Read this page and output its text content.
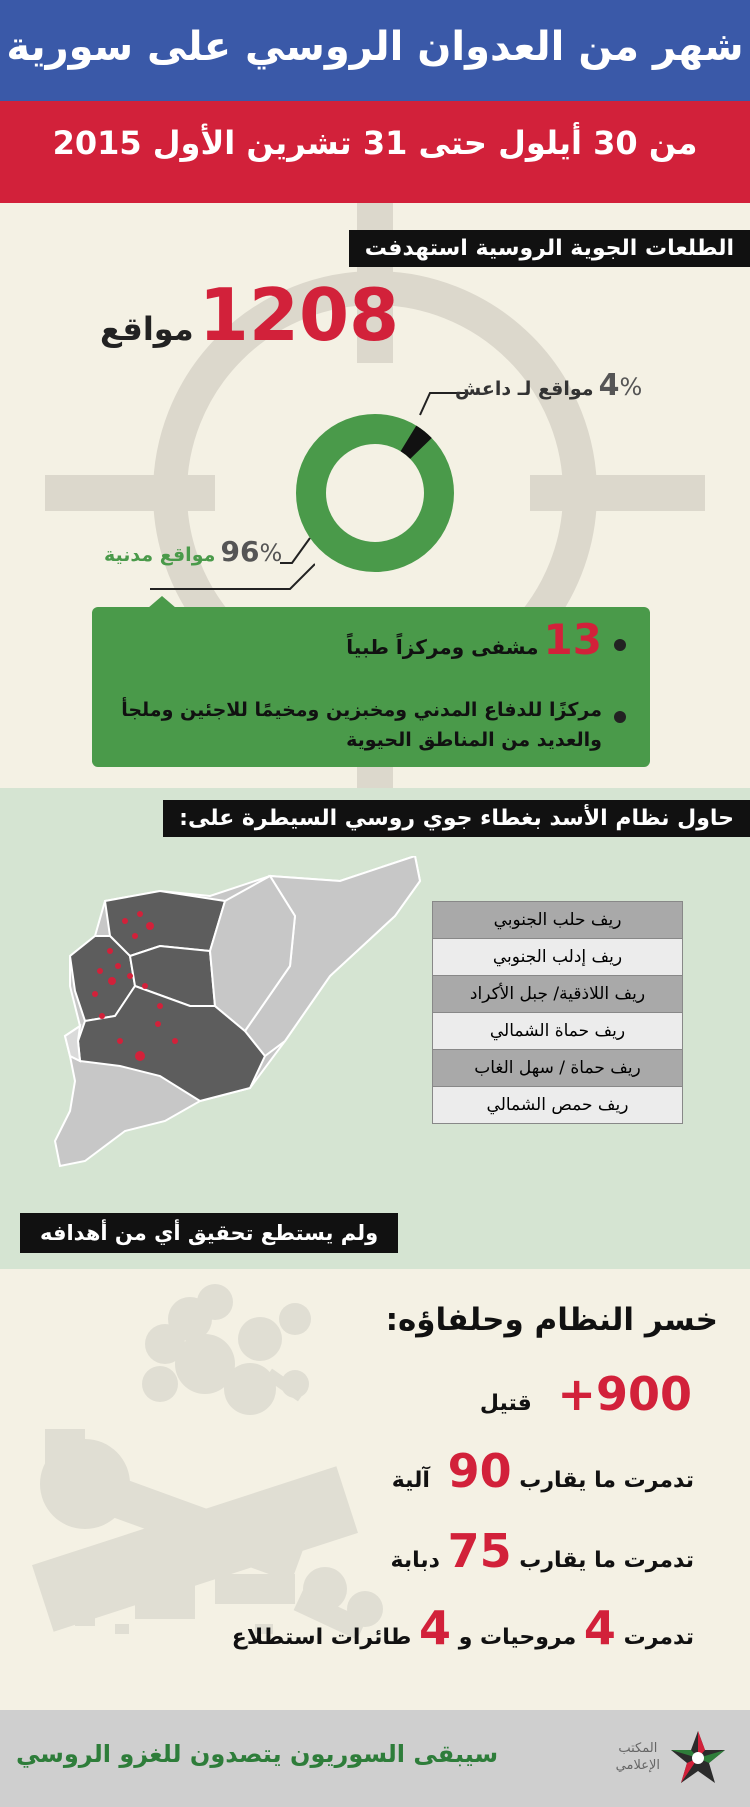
شهر من العدوان الروسي على سورية
من 30 أيلول حتى 31 تشرين الأول 2015
الطلعات الجوية الروسية استهدفت
1208 مواقع
4% مواقع لـ داعش
96% مواقع مدنية
13 مشفى ومركزاً طبياً
مركزًا للدفاع المدني ومخبزين ومخيمًا للاجئين وملجأ
والعديد من المناطق الحيوية
حاول نظام الأسد بغطاء جوي روسي السيطرة على:
ريف حلب الجنوبي
ريف إدلب الجنوبي
ريف اللاذقية/ جبل الأكراد
ريف حماة الشمالي
ريف حماة / سهل الغاب
ريف حمص الشمالي
ولم يستطع تحقيق أي من أهدافه
خسر النظام وحلفاؤه:
900+ قتيل
تدمرت ما يقارب 90 آلية
تدمرت ما يقارب 75 دبابة
تدمرت 4 مروحيات و 4 طائرات استطلاع
سيبقى السوريون يتصدون للغزو الروسي	المكتب
الإعلامي
